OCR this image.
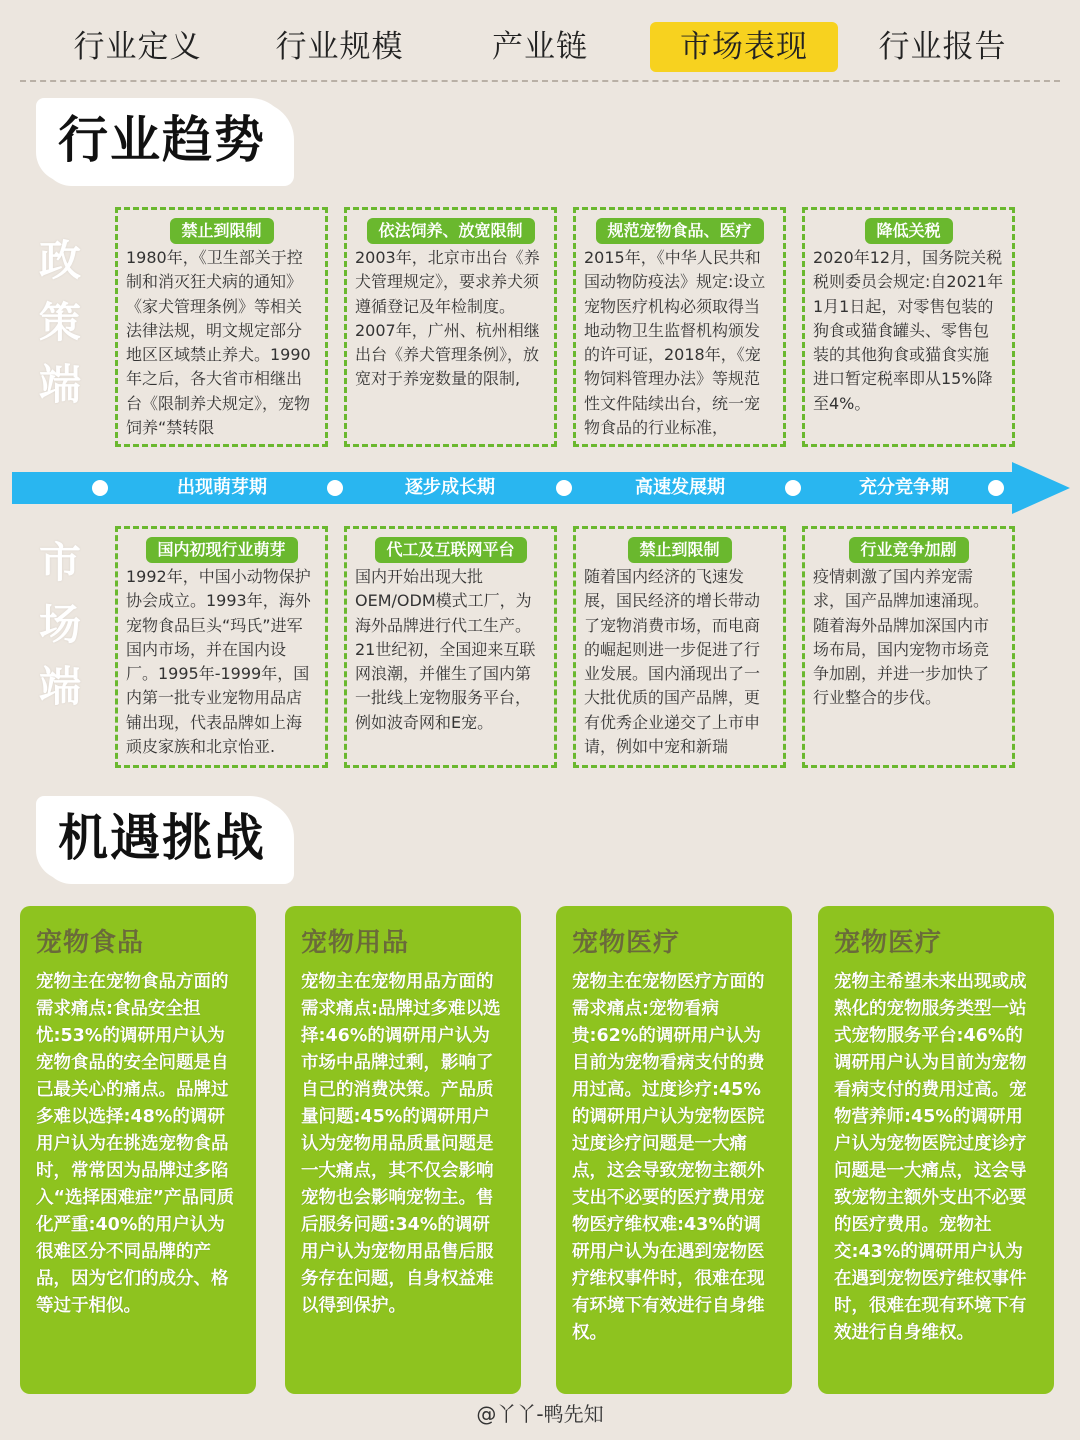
行业定义	行业规模	产业链	市场表现	行业报告
行业趋势
政
策
端
市
场
端
禁止到限制
1980年，《卫生部关于控制和消灭狂犬病的通知》《家犬管理条例》等相关法律法规，明文规定部分地区区域禁止养犬。1990年之后，各大省市相继出台《限制养犬规定》，宠物饲养“禁转限
依法饲养、放宽限制
2003年，北京市出台《养犬管理规定》，要求养犬须遵循登记及年检制度。2007年，广州、杭州相继出台《养犬管理条例》，放宽对于养宠数量的限制,
规范宠物食品、医疗
2015年，《中华人民共和国动物防疫法》规定:设立宠物医疗机构必须取得当地动物卫生监督机构颁发的许可证，2018年，《宠物饲料管理办法》等规范性文件陆续出台，统一宠物食品的行业标准，
降低关税
2020年12月，国务院关税税则委员会规定:自2021年1月1日起，对零售包装的狗食或猫食罐头、零售包装的其他狗食或猫食实施进口暂定税率即从15%降至4%。
出现萌芽期	逐步成长期	高速发展期	充分竞争期
国内初现行业萌芽
1992年，中国小动物保护协会成立。1993年，海外宠物食品巨头“玛氏”进军国内市场，并在国内设厂。1995年-1999年，国内第一批专业宠物用品店铺出现，代表品牌如上海顽皮家族和北京怡亚.
代工及互联网平台
国内开始出现大批OEM/ODM模式工厂，为海外品牌进行代工生产。21世纪初，全国迎来互联网浪潮，并催生了国内第一批线上宠物服务平台，例如波奇网和E宠。
禁止到限制
随着国内经济的飞速发展，国民经济的增长带动了宠物消费市场，而电商的崛起则进一步促进了行业发展。国内涌现出了一大批优质的国产品牌，更有优秀企业递交了上市申请，例如中宠和新瑞
行业竞争加剧
疫情刺激了国内养宠需求，国产品牌加速涌现。随着海外品牌加深国内市场布局，国内宠物市场竞争加剧，并进一步加快了行业整合的步伐。
机遇挑战
宠物食品
宠物主在宠物食品方面的需求痛点:食品安全担忧:53%的调研用户认为宠物食品的安全问题是自己最关心的痛点。品牌过多难以选择:48%的调研用户认为在挑选宠物食品时，常常因为品牌过多陷入“选择困难症”产品同质化严重:40%的用户认为很难区分不同品牌的产品，因为它们的成分、格等过于相似。
宠物用品
宠物主在宠物用品方面的需求痛点:品牌过多难以选择:46%的调研用户认为市场中品牌过剩，影响了自己的消费决策。产品质量问题:45%的调研用户认为宠物用品质量问题是一大痛点，其不仅会影响宠物也会影响宠物主。售后服务问题:34%的调研用户认为宠物用品售后服务存在问题，自身权益难以得到保护。
宠物医疗
宠物主在宠物医疗方面的需求痛点:宠物看病贵:62%的调研用户认为目前为宠物看病支付的费用过高。过度诊疗:45%的调研用户认为宠物医院过度诊疗问题是一大痛点，这会导致宠物主额外支出不必要的医疗费用宠物医疗维权难:43%的调研用户认为在遇到宠物医疗维权事件时，很难在现有环境下有效进行自身维权。
宠物医疗
宠物主希望未来出现或成熟化的宠物服务类型一站式宠物服务平台:46%的调研用户认为目前为宠物看病支付的费用过高。宠物营养师:45%的调研用户认为宠物医院过度诊疗问题是一大痛点，这会导致宠物主额外支出不必要的医疗费用。宠物社交:43%的调研用户认为在遇到宠物医疗维权事件时，很难在现有环境下有效进行自身维权。
@丫丫-鸭先知
